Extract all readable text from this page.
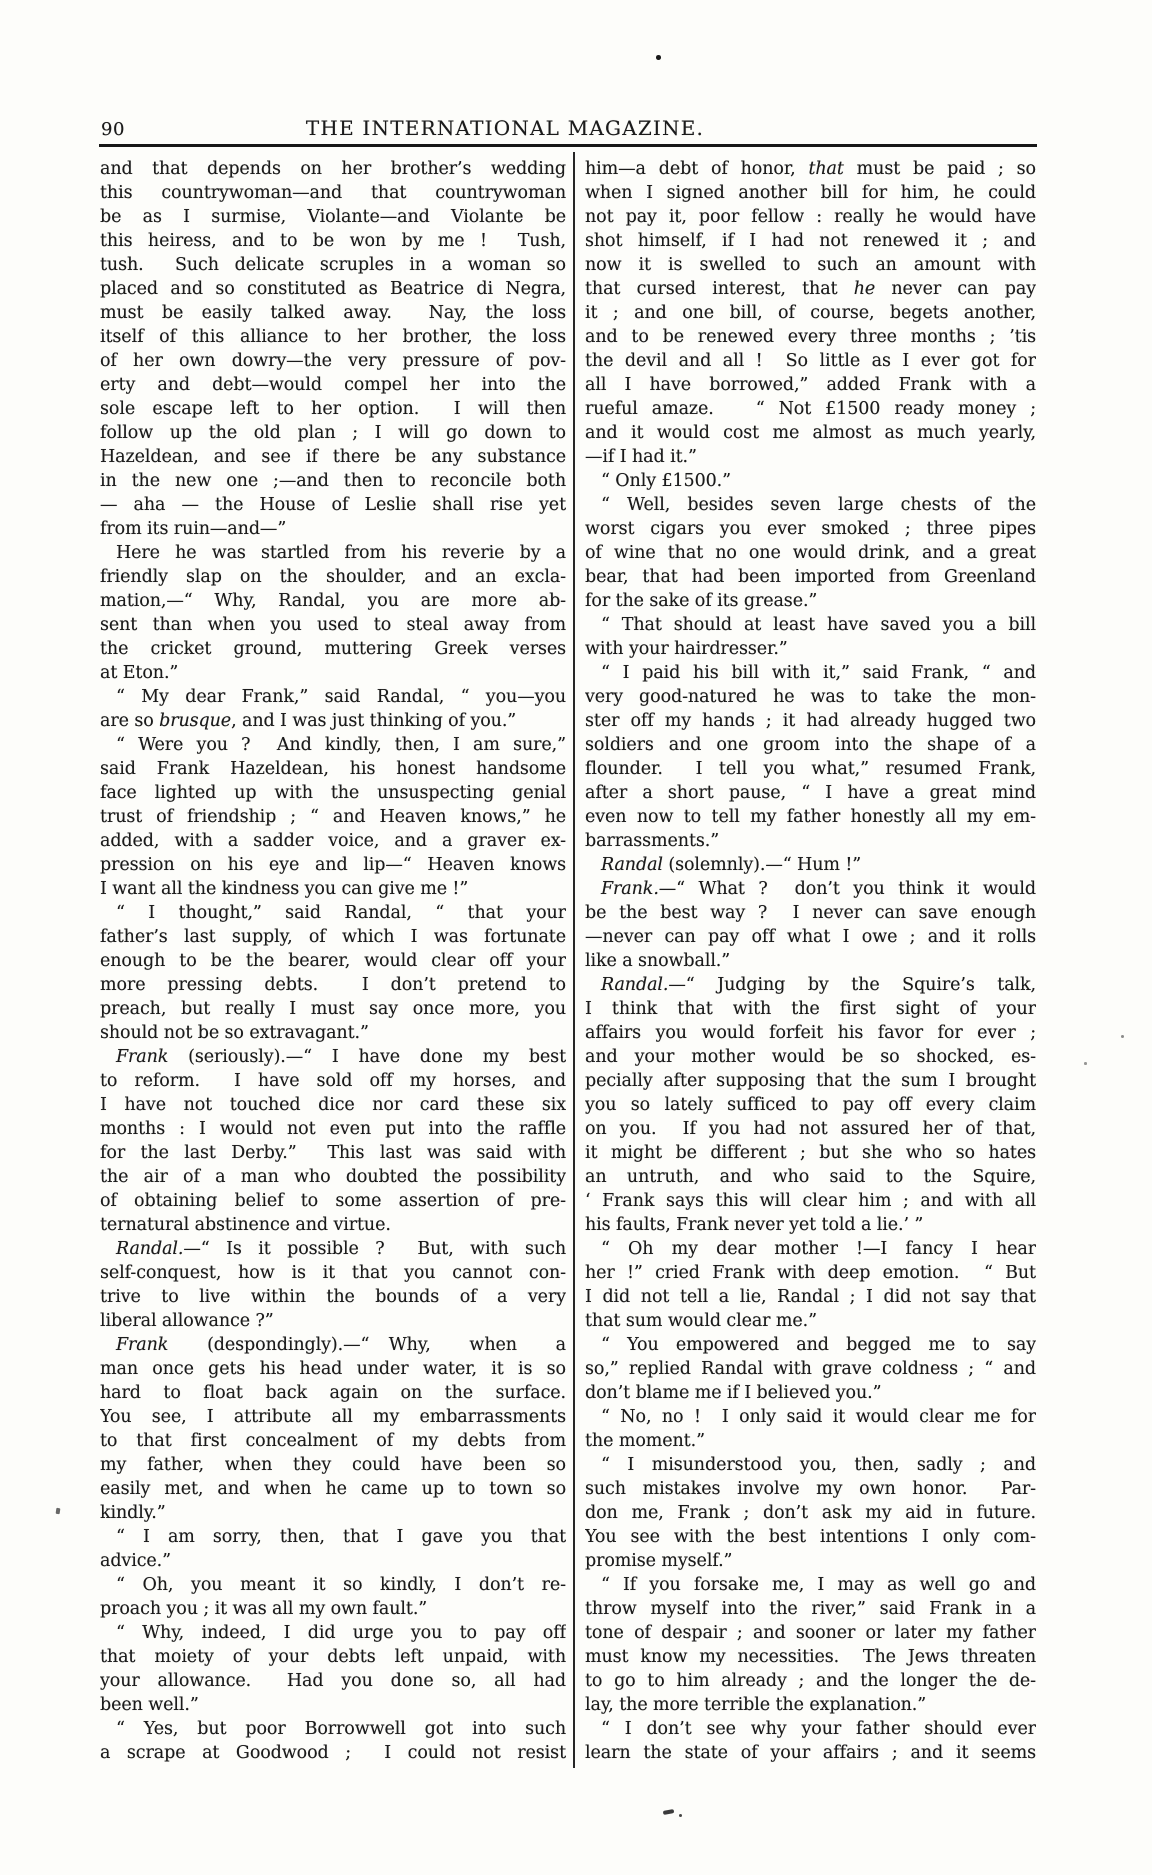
90	THE INTERNATIONAL MAGAZINE.
and that depends on her brother’s wedding
this countrywoman—and that countrywoman
be as I surmise, Violante—and Violante be
this heiress, and to be won by me !  Tush,
tush.  Such delicate scruples in a woman so
placed and so constituted as Beatrice di Negra,
must be easily talked away.  Nay, the loss
itself of this alliance to her brother, the loss
of her own dowry—the very pressure of pov-
erty and debt—would compel her into the
sole escape left to her option.  I will then
follow up the old plan ; I will go down to
Hazeldean, and see if there be any substance
in the new one ;—and then to reconcile both
— aha — the House of Leslie shall rise yet
from its ruin—and—”
Here he was startled from his reverie by a
friendly slap on the shoulder, and an excla-
mation,—“ Why, Randal, you are more ab-
sent than when you used to steal away from
the cricket ground, muttering Greek verses
at Eton.”
“ My dear Frank,” said Randal, “ you—you
are so brusque, and I was just thinking of you.”
“ Were you ?  And kindly, then, I am sure,”
said Frank Hazeldean, his honest handsome
face lighted up with the unsuspecting genial
trust of friendship ; “ and Heaven knows,” he
added, with a sadder voice, and a graver ex-
pression on his eye and lip—“ Heaven knows
I want all the kindness you can give me !”
“ I thought,” said Randal, “ that your
father’s last supply, of which I was fortunate
enough to be the bearer, would clear off your
more pressing debts.  I don’t pretend to
preach, but really I must say once more, you
should not be so extravagant.”
Frank (seriously).—“ I have done my best
to reform.  I have sold off my horses, and
I have not touched dice nor card these six
months : I would not even put into the raffle
for the last Derby.”  This last was said with
the air of a man who doubted the possibility
of obtaining belief to some assertion of pre-
ternatural abstinence and virtue.
Randal.—“ Is it possible ?  But, with such
self-conquest, how is it that you cannot con-
trive to live within the bounds of a very
liberal allowance ?”
Frank  (despondingly).—“ Why,  when  a
man once gets his head under water, it is so
hard to float back again on the surface.
You see, I attribute all my embarrassments
to that first concealment of my debts from
my father, when they could have been so
easily met, and when he came up to town so
kindly.”
“ I am sorry, then, that I gave you that
advice.”
“ Oh, you meant it so kindly, I don’t re-
proach you ; it was all my own fault.”
“ Why, indeed, I did urge you to pay off
that moiety of your debts left unpaid, with
your allowance.  Had you done so, all had
been well.”
“ Yes, but poor Borrowwell got into such
a scrape at Goodwood ;  I could not resist
him—a debt of honor, that must be paid ; so
when I signed another bill for him, he could
not pay it, poor fellow : really he would have
shot himself, if I had not renewed it ; and
now it is swelled to such an amount with
that cursed interest, that he never can pay
it ; and one bill, of course, begets another,
and to be renewed every three months ; ’tis
the devil and all !  So little as I ever got for
all I have borrowed,” added Frank with a
rueful amaze.   “ Not £1500 ready money ;
and it would cost me almost as much yearly,
—if I had it.”
“ Only £1500.”
“ Well, besides seven large chests of the
worst cigars you ever smoked ; three pipes
of wine that no one would drink, and a great
bear, that had been imported from Greenland
for the sake of its grease.”
“ That should at least have saved you a bill
with your hairdresser.”
“ I paid his bill with it,” said Frank, “ and
very good-natured he was to take the mon-
ster off my hands ; it had already hugged two
soldiers and one groom into the shape of a
flounder.  I tell you what,” resumed Frank,
after a short pause, “ I have a great mind
even now to tell my father honestly all my em-
barrassments.”
Randal (solemnly).—“ Hum !”
Frank.—“ What ?  don’t you think it would
be the best way ?  I never can save enough
—never can pay off what I owe ; and it rolls
like a snowball.”
Randal.—“ Judging by the Squire’s talk,
I think that with the first sight of your
affairs you would forfeit his favor for ever ;
and your mother would be so shocked, es-
pecially after supposing that the sum I brought
you so lately sufficed to pay off every claim
on you.  If you had not assured her of that,
it might be different ; but she who so hates
an untruth, and who said to the Squire,
‘ Frank says this will clear him ; and with all
his faults, Frank never yet told a lie.’ ”
“ Oh my dear mother !—I fancy I hear
her !” cried Frank with deep emotion.  “ But
I did not tell a lie, Randal ; I did not say that
that sum would clear me.”
“ You empowered and begged me to say
so,” replied Randal with grave coldness ; “ and
don’t blame me if I believed you.”
“ No, no !  I only said it would clear me for
the moment.”
“ I misunderstood you, then, sadly ; and
such mistakes involve my own honor.  Par-
don me, Frank ; don’t ask my aid in future.
You see with the best intentions I only com-
promise myself.”
“ If you forsake me, I may as well go and
throw myself into the river,” said Frank in a
tone of despair ; and sooner or later my father
must know my necessities.  The Jews threaten
to go to him already ; and the longer the de-
lay, the more terrible the explanation.”
“ I don’t see why your father should ever
learn the state of your affairs ; and it seems
